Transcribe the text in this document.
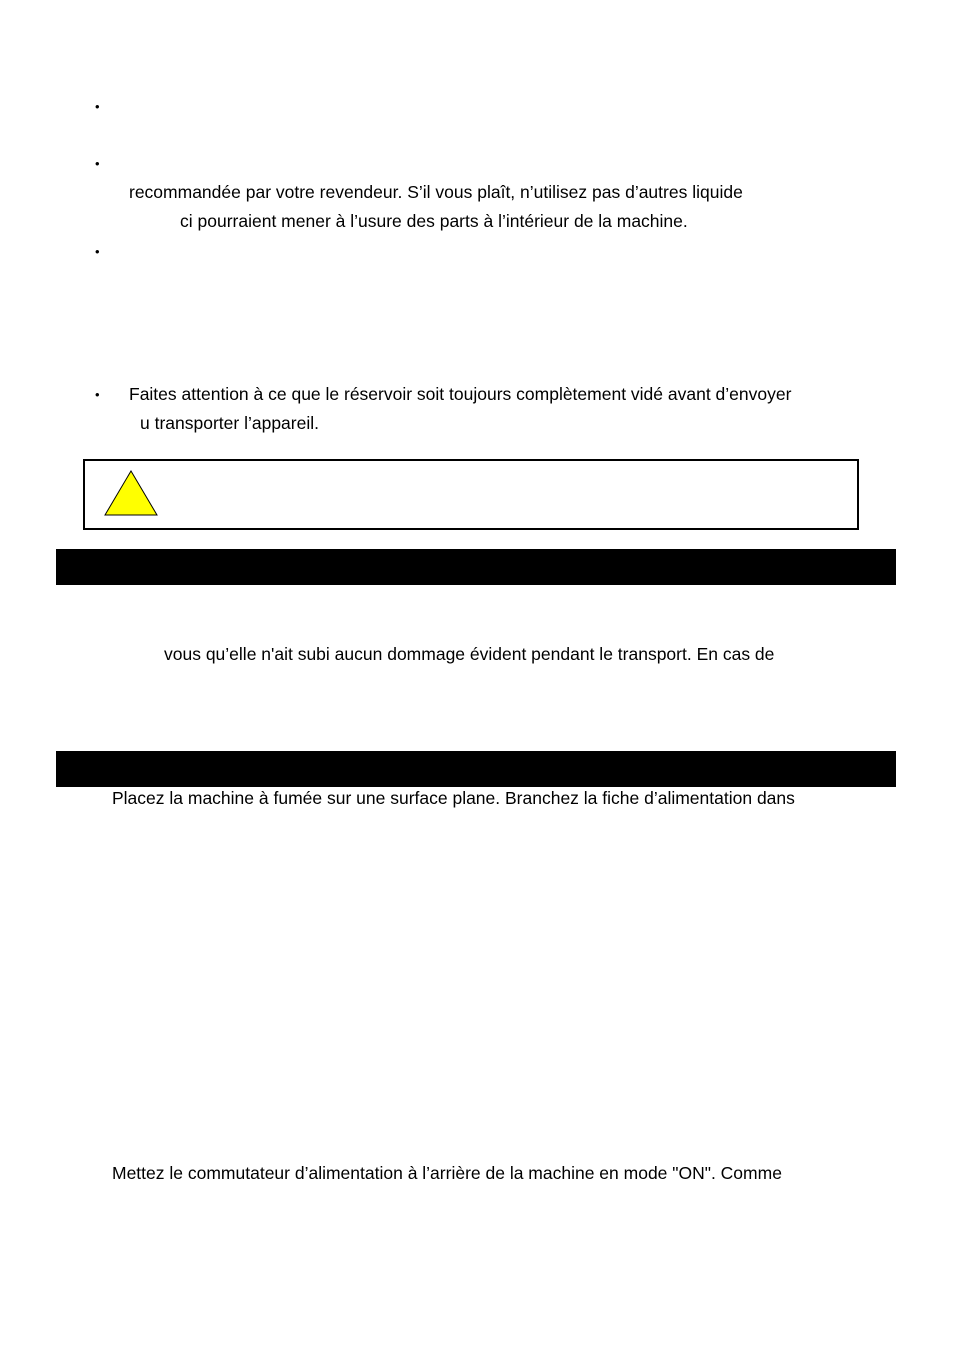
•
•
recommandée par votre revendeur. S’il vous plaît, n’utilisez pas d’autres liquide
ci pourraient mener à l’usure des parts à l’intérieur de la machine.
•
• Faites attention à ce que le réservoir soit toujours complètement vidé avant d’envoyer
u transporter l’appareil.
vous qu’elle n'ait subi aucun dommage évident pendant le transport. En cas de
Placez la machine à fumée sur une surface plane. Branchez la fiche d’alimentation dans
Mettez le commutateur d’alimentation à l’arrière de la machine en mode "ON". Comme
